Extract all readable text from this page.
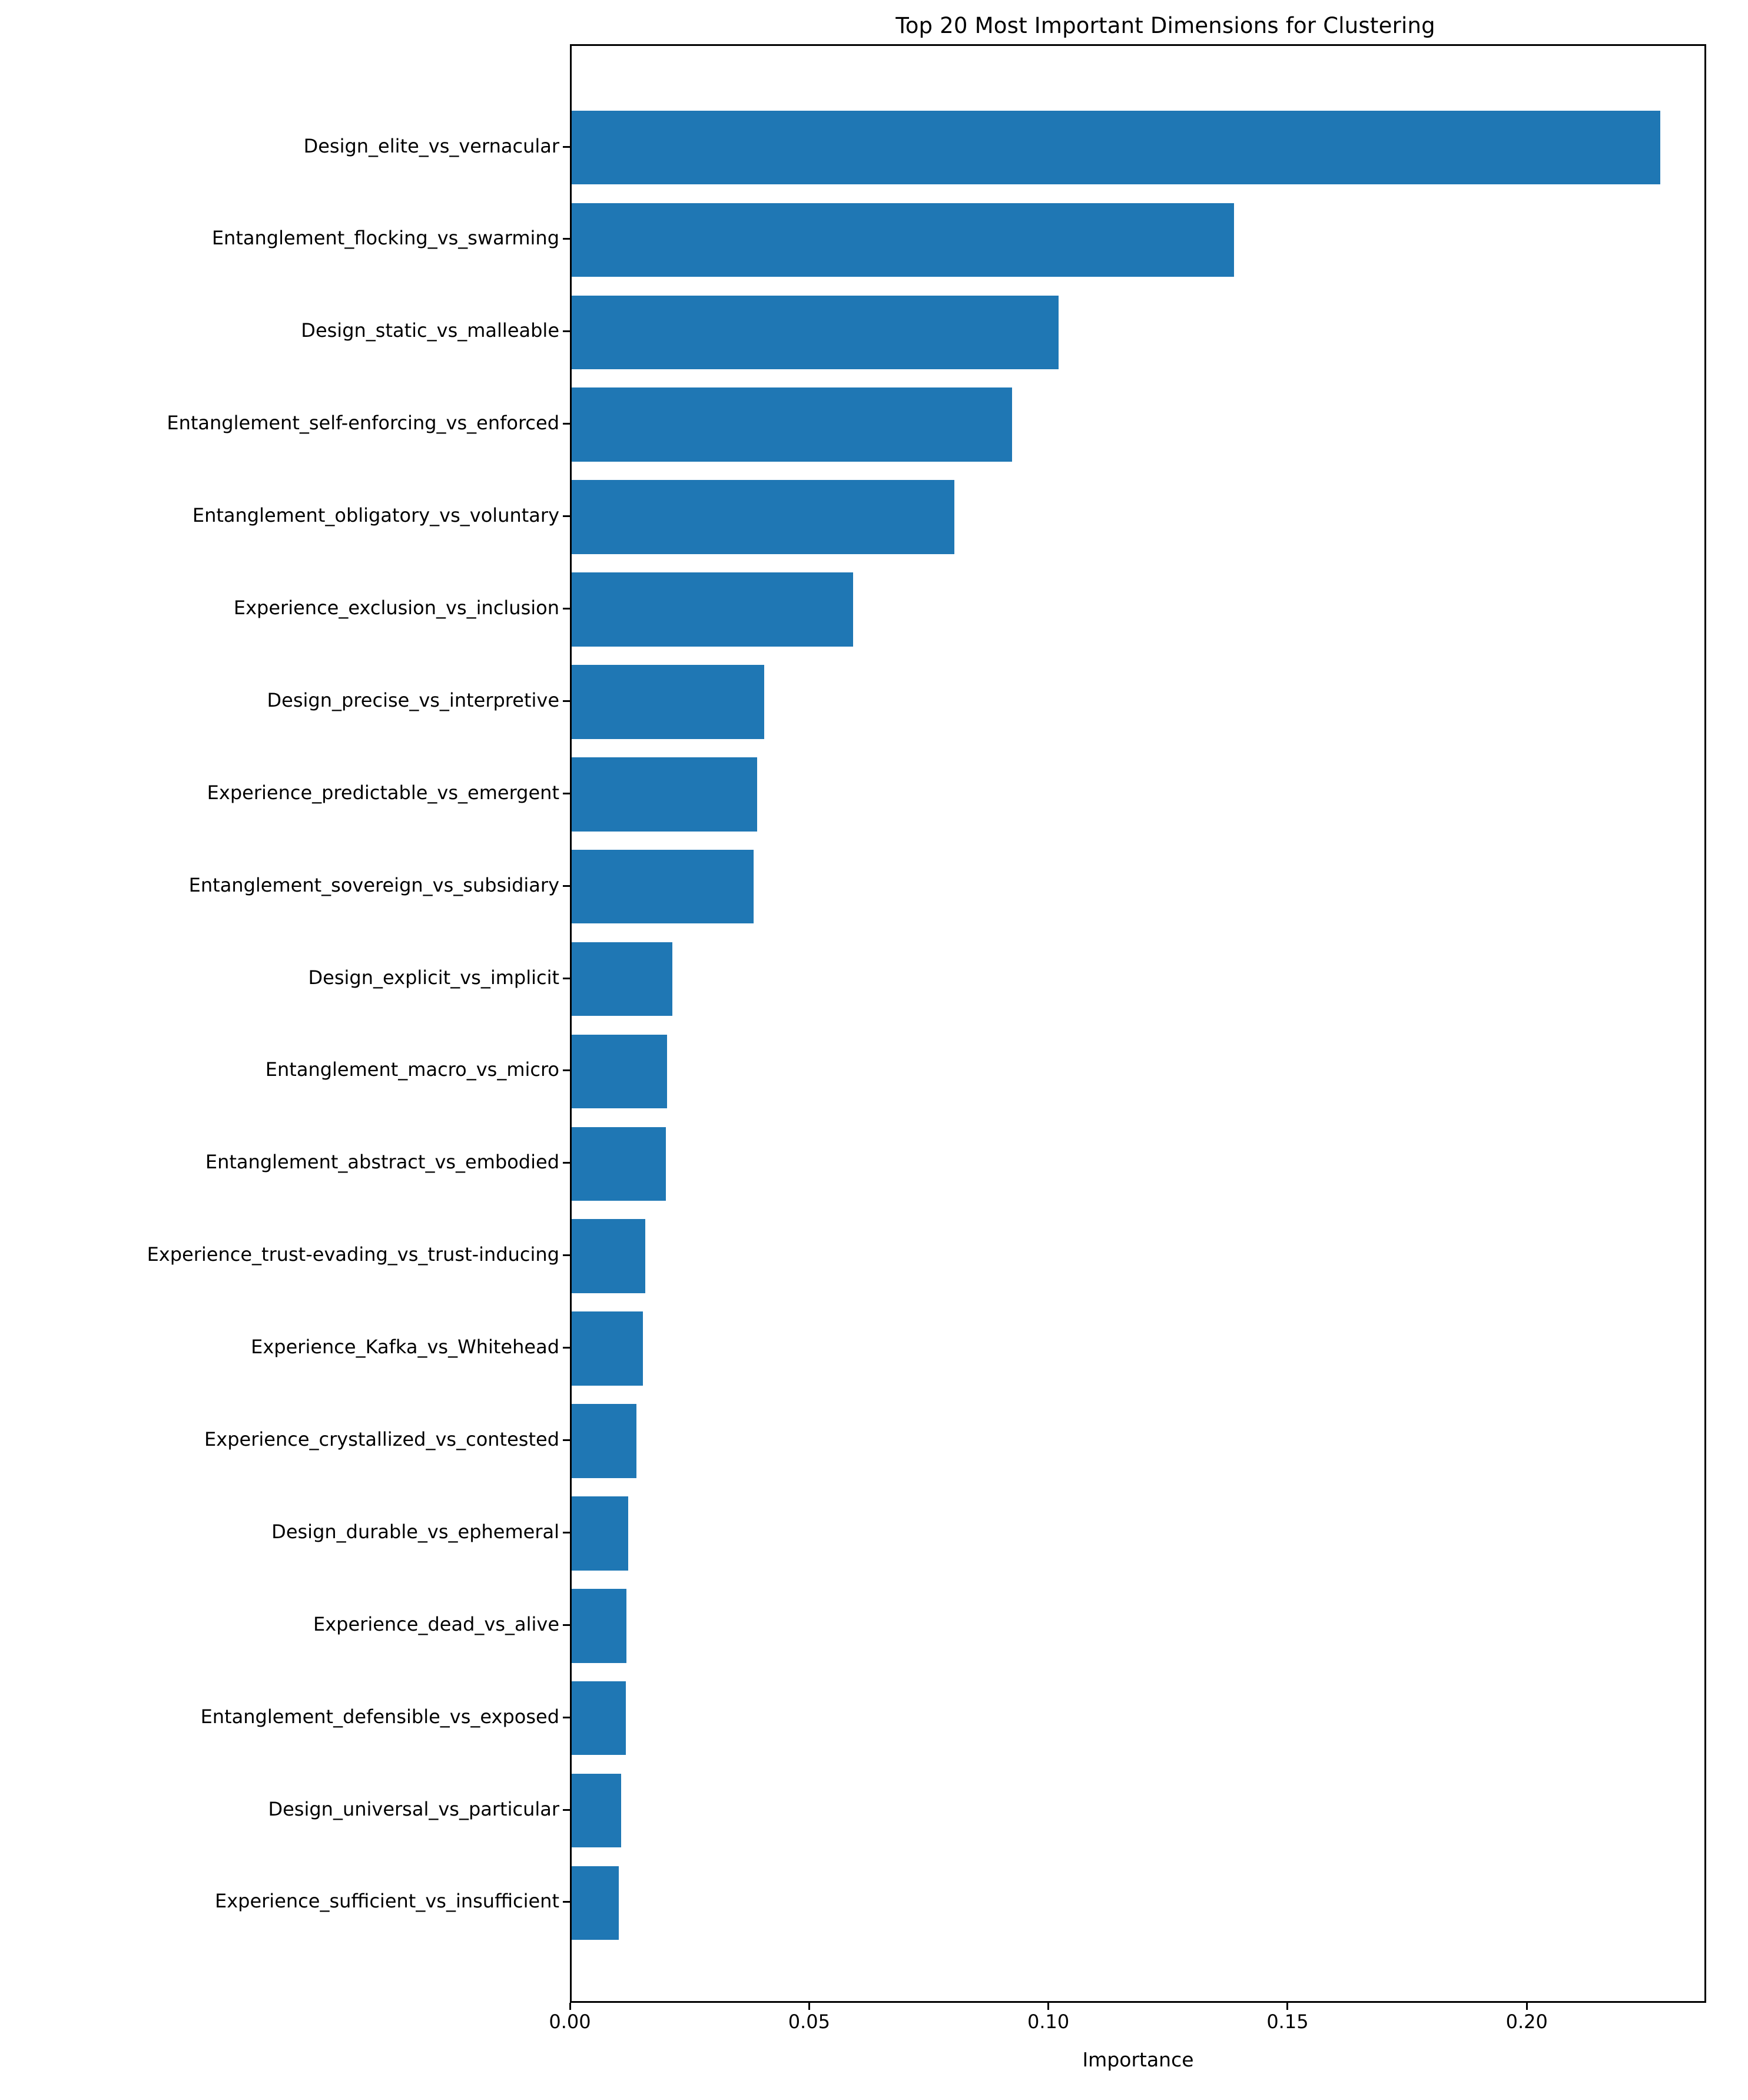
Top 20 Most Important Dimensions for Clustering
Design_elite_vs_vernacular
Entanglement_flocking_vs_swarming
Design_static_vs_malleable
Entanglement_self-enforcing_vs_enforced
Entanglement_obligatory_vs_voluntary
Experience_exclusion_vs_inclusion
Design_precise_vs_interpretive
Experience_predictable_vs_emergent
Entanglement_sovereign_vs_subsidiary
Design_explicit_vs_implicit
Entanglement_macro_vs_micro
Entanglement_abstract_vs_embodied
Experience_trust-evading_vs_trust-inducing
Experience_Kafka_vs_Whitehead
Experience_crystallized_vs_contested
Design_durable_vs_ephemeral
Experience_dead_vs_alive
Entanglement_defensible_vs_exposed
Design_universal_vs_particular
Experience_sufficient_vs_insufficient
0.00	0.05	0.10	0.15	0.20
Importance
